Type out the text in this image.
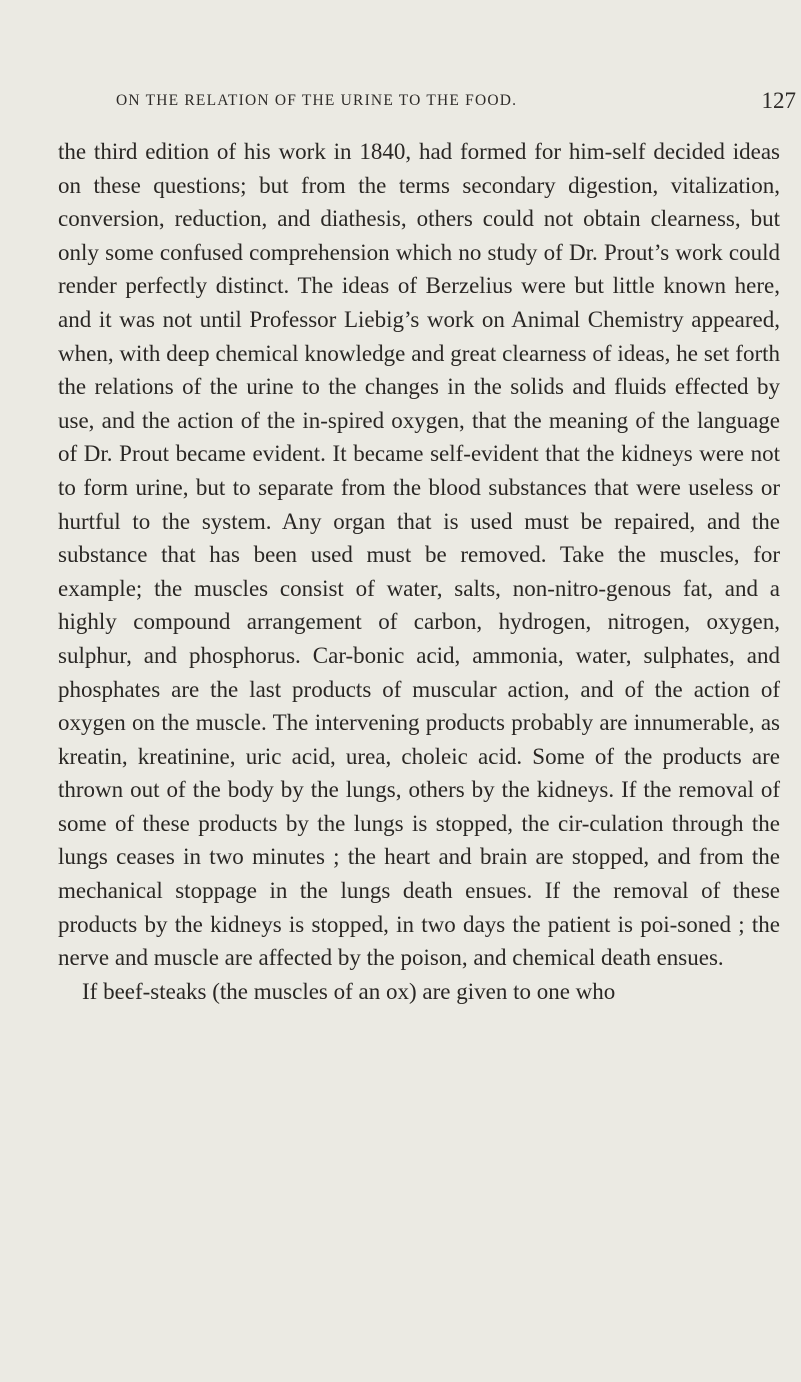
ON THE RELATION OF THE URINE TO THE FOOD.	127

the third edition of his work in 1840, had formed for him-self decided ideas on these questions; but from the terms secondary digestion, vitalization, conversion, reduction, and diathesis, others could not obtain clearness, but only some confused comprehension which no study of Dr. Prout’s work could render perfectly distinct. The ideas of Berzelius were but little known here, and it was not until Professor Liebig’s work on Animal Chemistry appeared, when, with deep chemical knowledge and great clearness of ideas, he set forth the relations of the urine to the changes in the solids and fluids effected by use, and the action of the in-spired oxygen, that the meaning of the language of Dr. Prout became evident. It became self-evident that the kidneys were not to form urine, but to separate from the blood substances that were useless or hurtful to the system. Any organ that is used must be repaired, and the substance that has been used must be removed. Take the muscles, for example; the muscles consist of water, salts, non-nitro-genous fat, and a highly compound arrangement of carbon, hydrogen, nitrogen, oxygen, sulphur, and phosphorus. Car-bonic acid, ammonia, water, sulphates, and phosphates are the last products of muscular action, and of the action of oxygen on the muscle. The intervening products probably are innumerable, as kreatin, kreatinine, uric acid, urea, choleic acid. Some of the products are thrown out of the body by the lungs, others by the kidneys. If the removal of some of these products by the lungs is stopped, the cir-culation through the lungs ceases in two minutes ; the heart and brain are stopped, and from the mechanical stoppage in the lungs death ensues. If the removal of these products by the kidneys is stopped, in two days the patient is poi-soned ; the nerve and muscle are affected by the poison, and chemical death ensues.

If beef-steaks (the muscles of an ox) are given to one who
